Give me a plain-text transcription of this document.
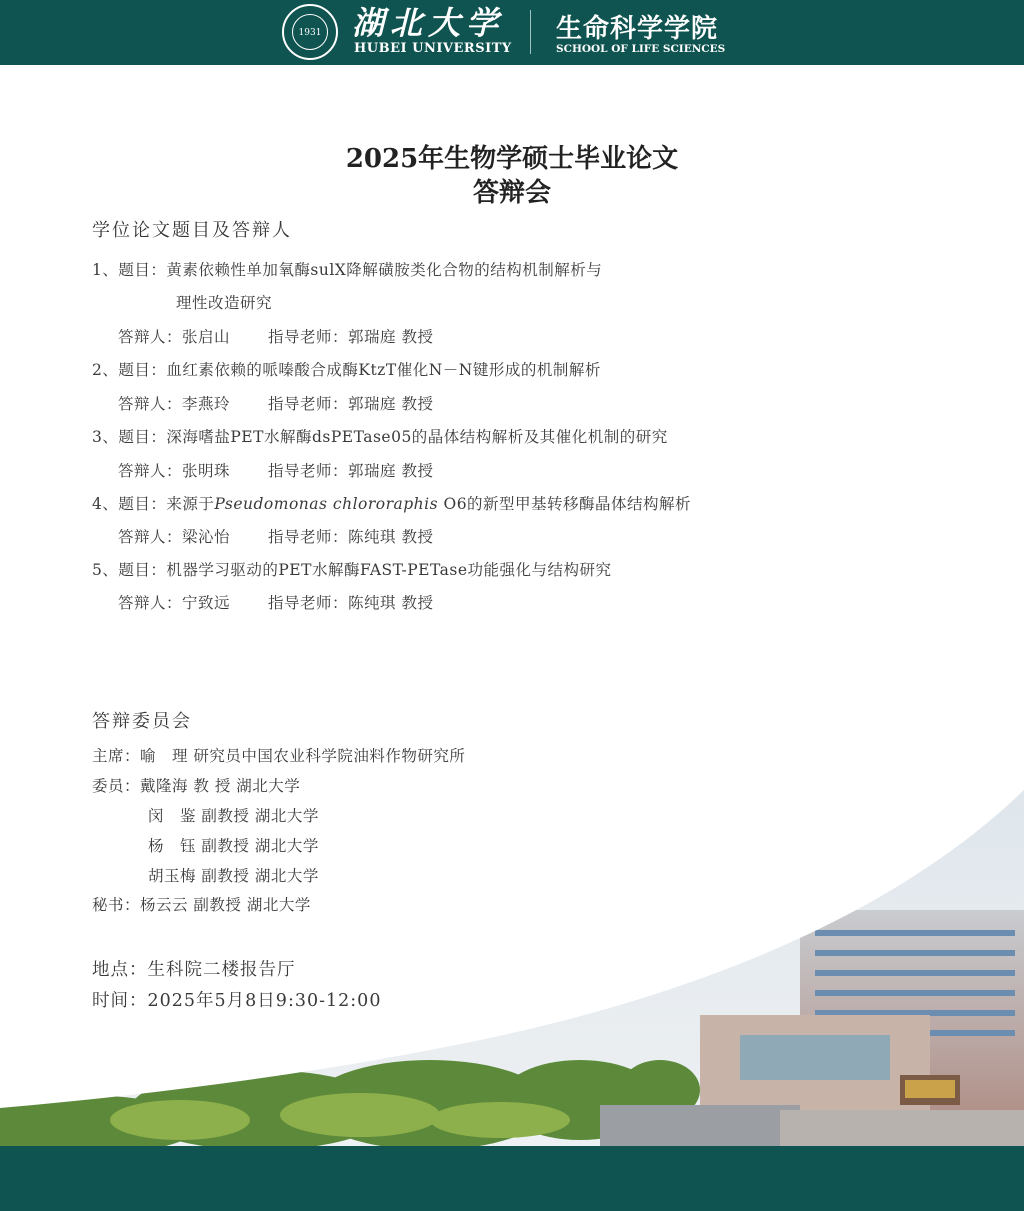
1931 湖北大学
HUBEI UNIVERSITY
生命科学学院
SCHOOL OF LIFE SCIENCES
2025年生物学硕士毕业论文
答辩会
学位论文题目及答辩人
1、题目：黄素依赖性单加氧酶sulX降解磺胺类化合物的结构机制解析与
理性改造研究
答辩人：张启山 指导老师：郭瑞庭 教授
2、题目：血红素依赖的哌嗪酸合成酶KtzT催化N－N键形成的机制解析
答辩人：李燕玲 指导老师：郭瑞庭 教授
3、题目：深海嗜盐PET水解酶dsPETase05的晶体结构解析及其催化机制的研究
答辩人：张明珠 指导老师：郭瑞庭 教授
4、题目：来源于Pseudomonas chlororaphis O6的新型甲基转移酶晶体结构解析
答辩人：梁沁怡 指导老师：陈纯琪 教授
5、题目：机器学习驱动的PET水解酶FAST-PETase功能强化与结构研究
答辩人：宁致远 指导老师：陈纯琪 教授
答辩委员会
主席：喻　理 研究员中国农业科学院油料作物研究所
委员：戴隆海 教 授 湖北大学
闵　鉴 副教授 湖北大学
杨　钰 副教授 湖北大学
胡玉梅 副教授 湖北大学
秘书：杨云云 副教授 湖北大学
地点：生科院二楼报告厅
时间：2025年5月8日9:30-12:00
